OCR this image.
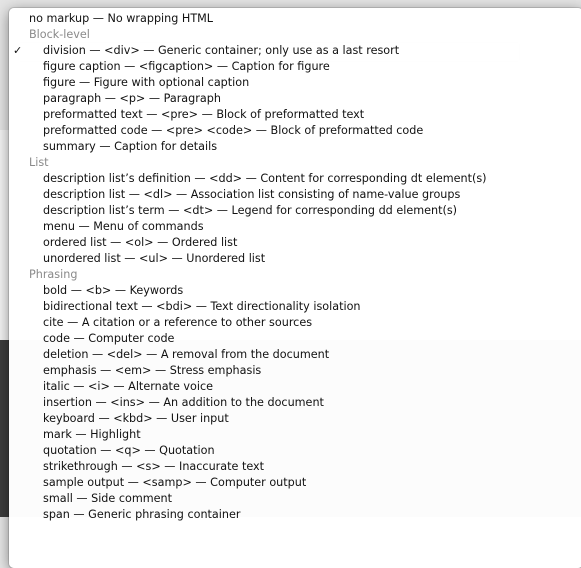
no markup — No wrapping HTML
Block-level
✓ division — <div> — Generic container; only use as a last resort
figure caption — <figcaption> — Caption for figure
figure — Figure with optional caption
paragraph — <p> — Paragraph
preformatted text — <pre> — Block of preformatted text
preformatted code — <pre> <code> — Block of preformatted code
summary — Caption for details
List
description list’s definition — <dd> — Content for corresponding dt element(s)
description list — <dl> — Association list consisting of name-value groups
description list’s term — <dt> — Legend for corresponding dd element(s)
menu — Menu of commands
ordered list — <ol> — Ordered list
unordered list — <ul> — Unordered list
Phrasing
bold — <b> — Keywords
bidirectional text — <bdi> — Text directionality isolation
cite — A citation or a reference to other sources
code — Computer code
deletion — <del> — A removal from the document
emphasis — <em> — Stress emphasis
italic — <i> — Alternate voice
insertion — <ins> — An addition to the document
keyboard — <kbd> — User input
mark — Highlight
quotation — <q> — Quotation
strikethrough — <s> — Inaccurate text
sample output — <samp> — Computer output
small — Side comment
span — Generic phrasing container
